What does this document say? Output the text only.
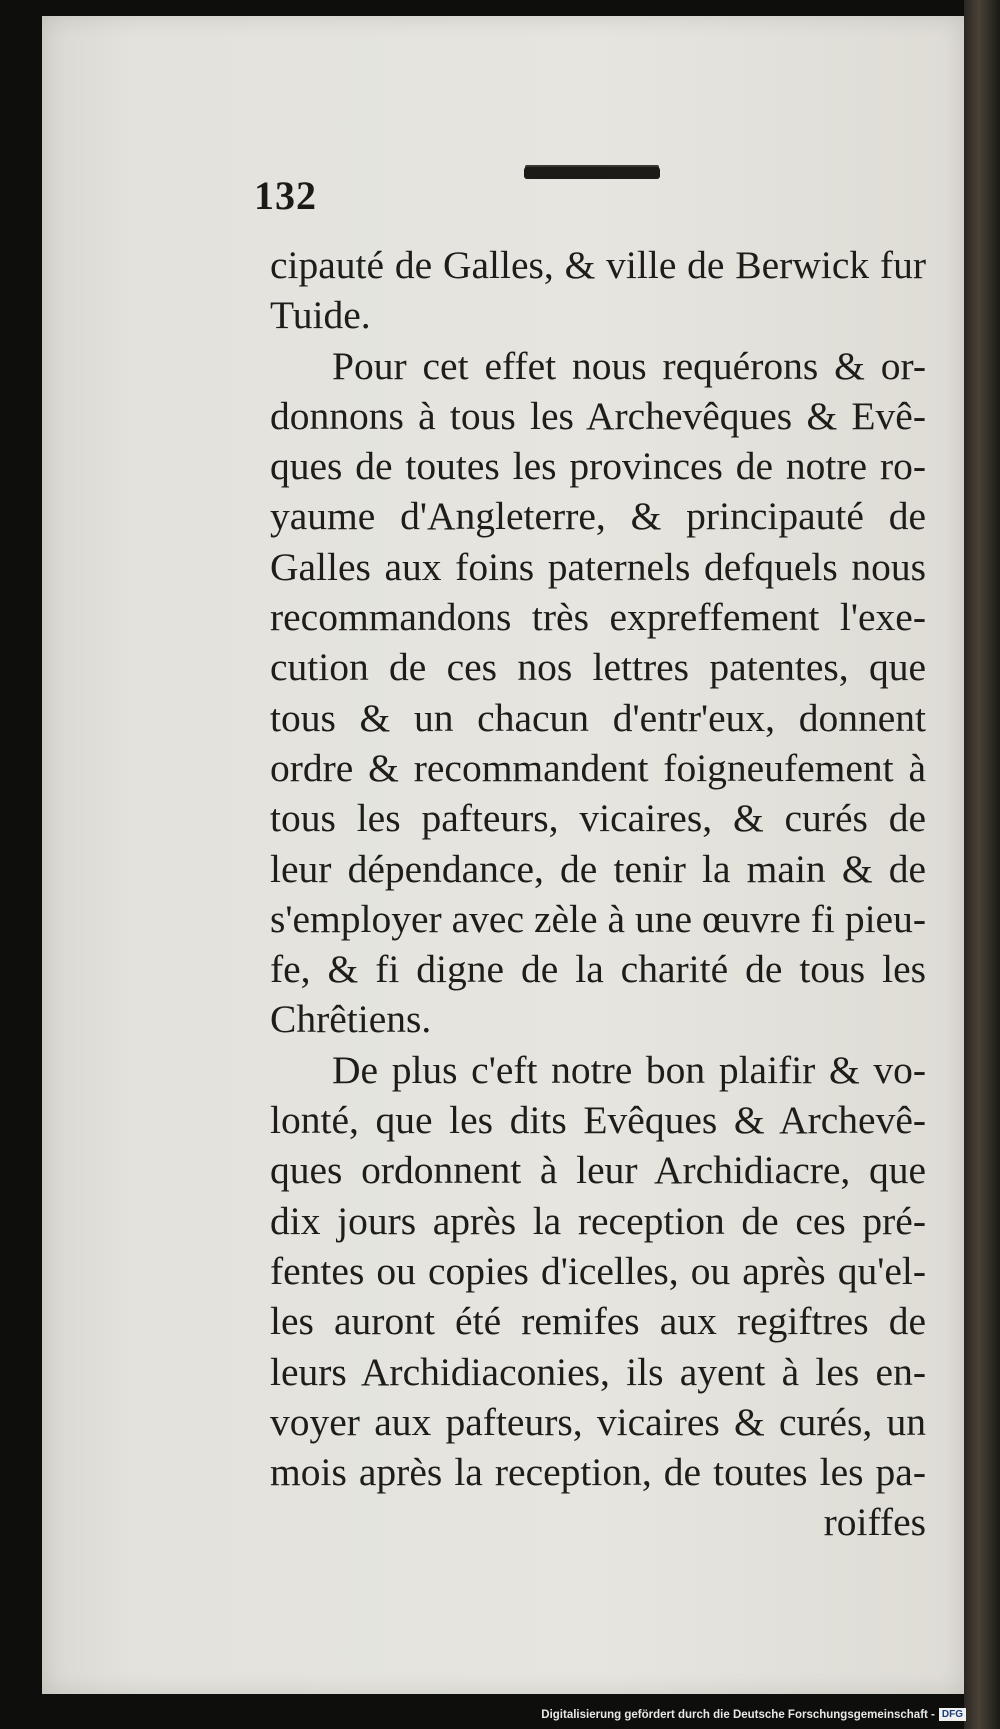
132
cipauté de Galles, & ville de Berwick fur
Tuide.
Pour cet effet nous requérons & or-
donnons à tous les Archevêques & Evê-
ques de toutes les provinces de notre ro-
yaume d'Angleterre, & principauté de
Galles aux foins paternels defquels nous
recommandons très expreffement l'exe-
cution de ces nos lettres patentes, que
tous & un chacun d'entr'eux, donnent
ordre & recommandent foigneufement à
tous les pafteurs, vicaires, & curés de
leur dépendance, de tenir la main & de
s'employer avec zèle à une œuvre fi pieu-
fe, & fi digne de la charité de tous les
Chrêtiens.
De plus c'eft notre bon plaifir & vo-
lonté, que les dits Evêques & Archevê-
ques ordonnent à leur Archidiacre, que
dix jours après la reception de ces pré-
fentes ou copies d'icelles, ou après qu'el-
les auront été remifes aux regiftres de
leurs Archidiaconies, ils ayent à les en-
voyer aux pafteurs, vicaires & curés, un
mois après la reception, de toutes les pa-
roiffes
Digitalisierung gefördert durch die Deutsche Forschungsgemeinschaft - DFG
